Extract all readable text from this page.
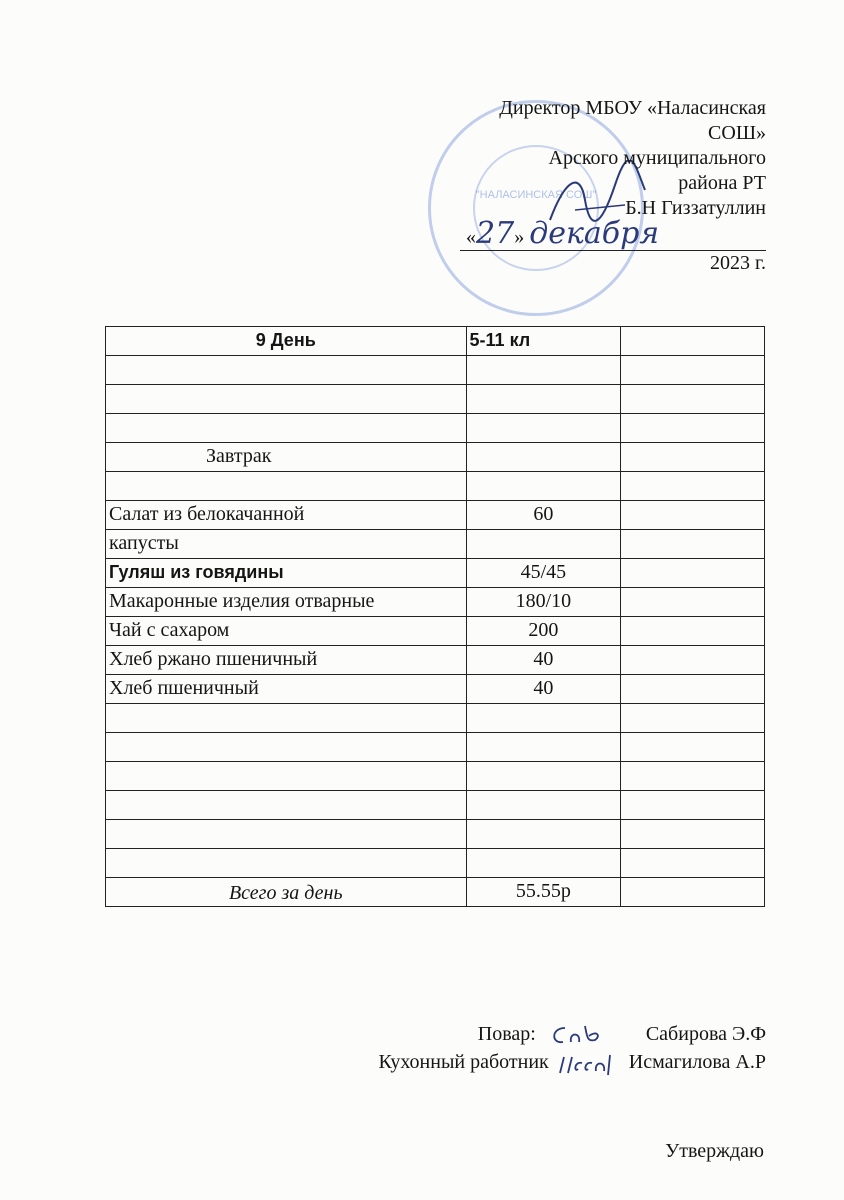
"НАЛАСИНСКАЯ СОШ"
Директор МБОУ «Наласинская
СОШ»
Арского муниципального
района РТ
Б.Н Гиззатуллин
«27» декабря
2023 г.
9 День	5-11 кл	

Завтрак		

Салат из белокачанной	60	
капусты		
Гуляш из говядины	45/45	
Макаронные изделия отварные	180/10	
Чай с сахаром	200	
Хлеб ржано пшеничный	40	
Хлеб пшеничный	40	

Всего за день	55.55р	
Повар:	Сабирова Э.Ф
Кухонный работник	Исмагилова А.Р
Утверждаю
